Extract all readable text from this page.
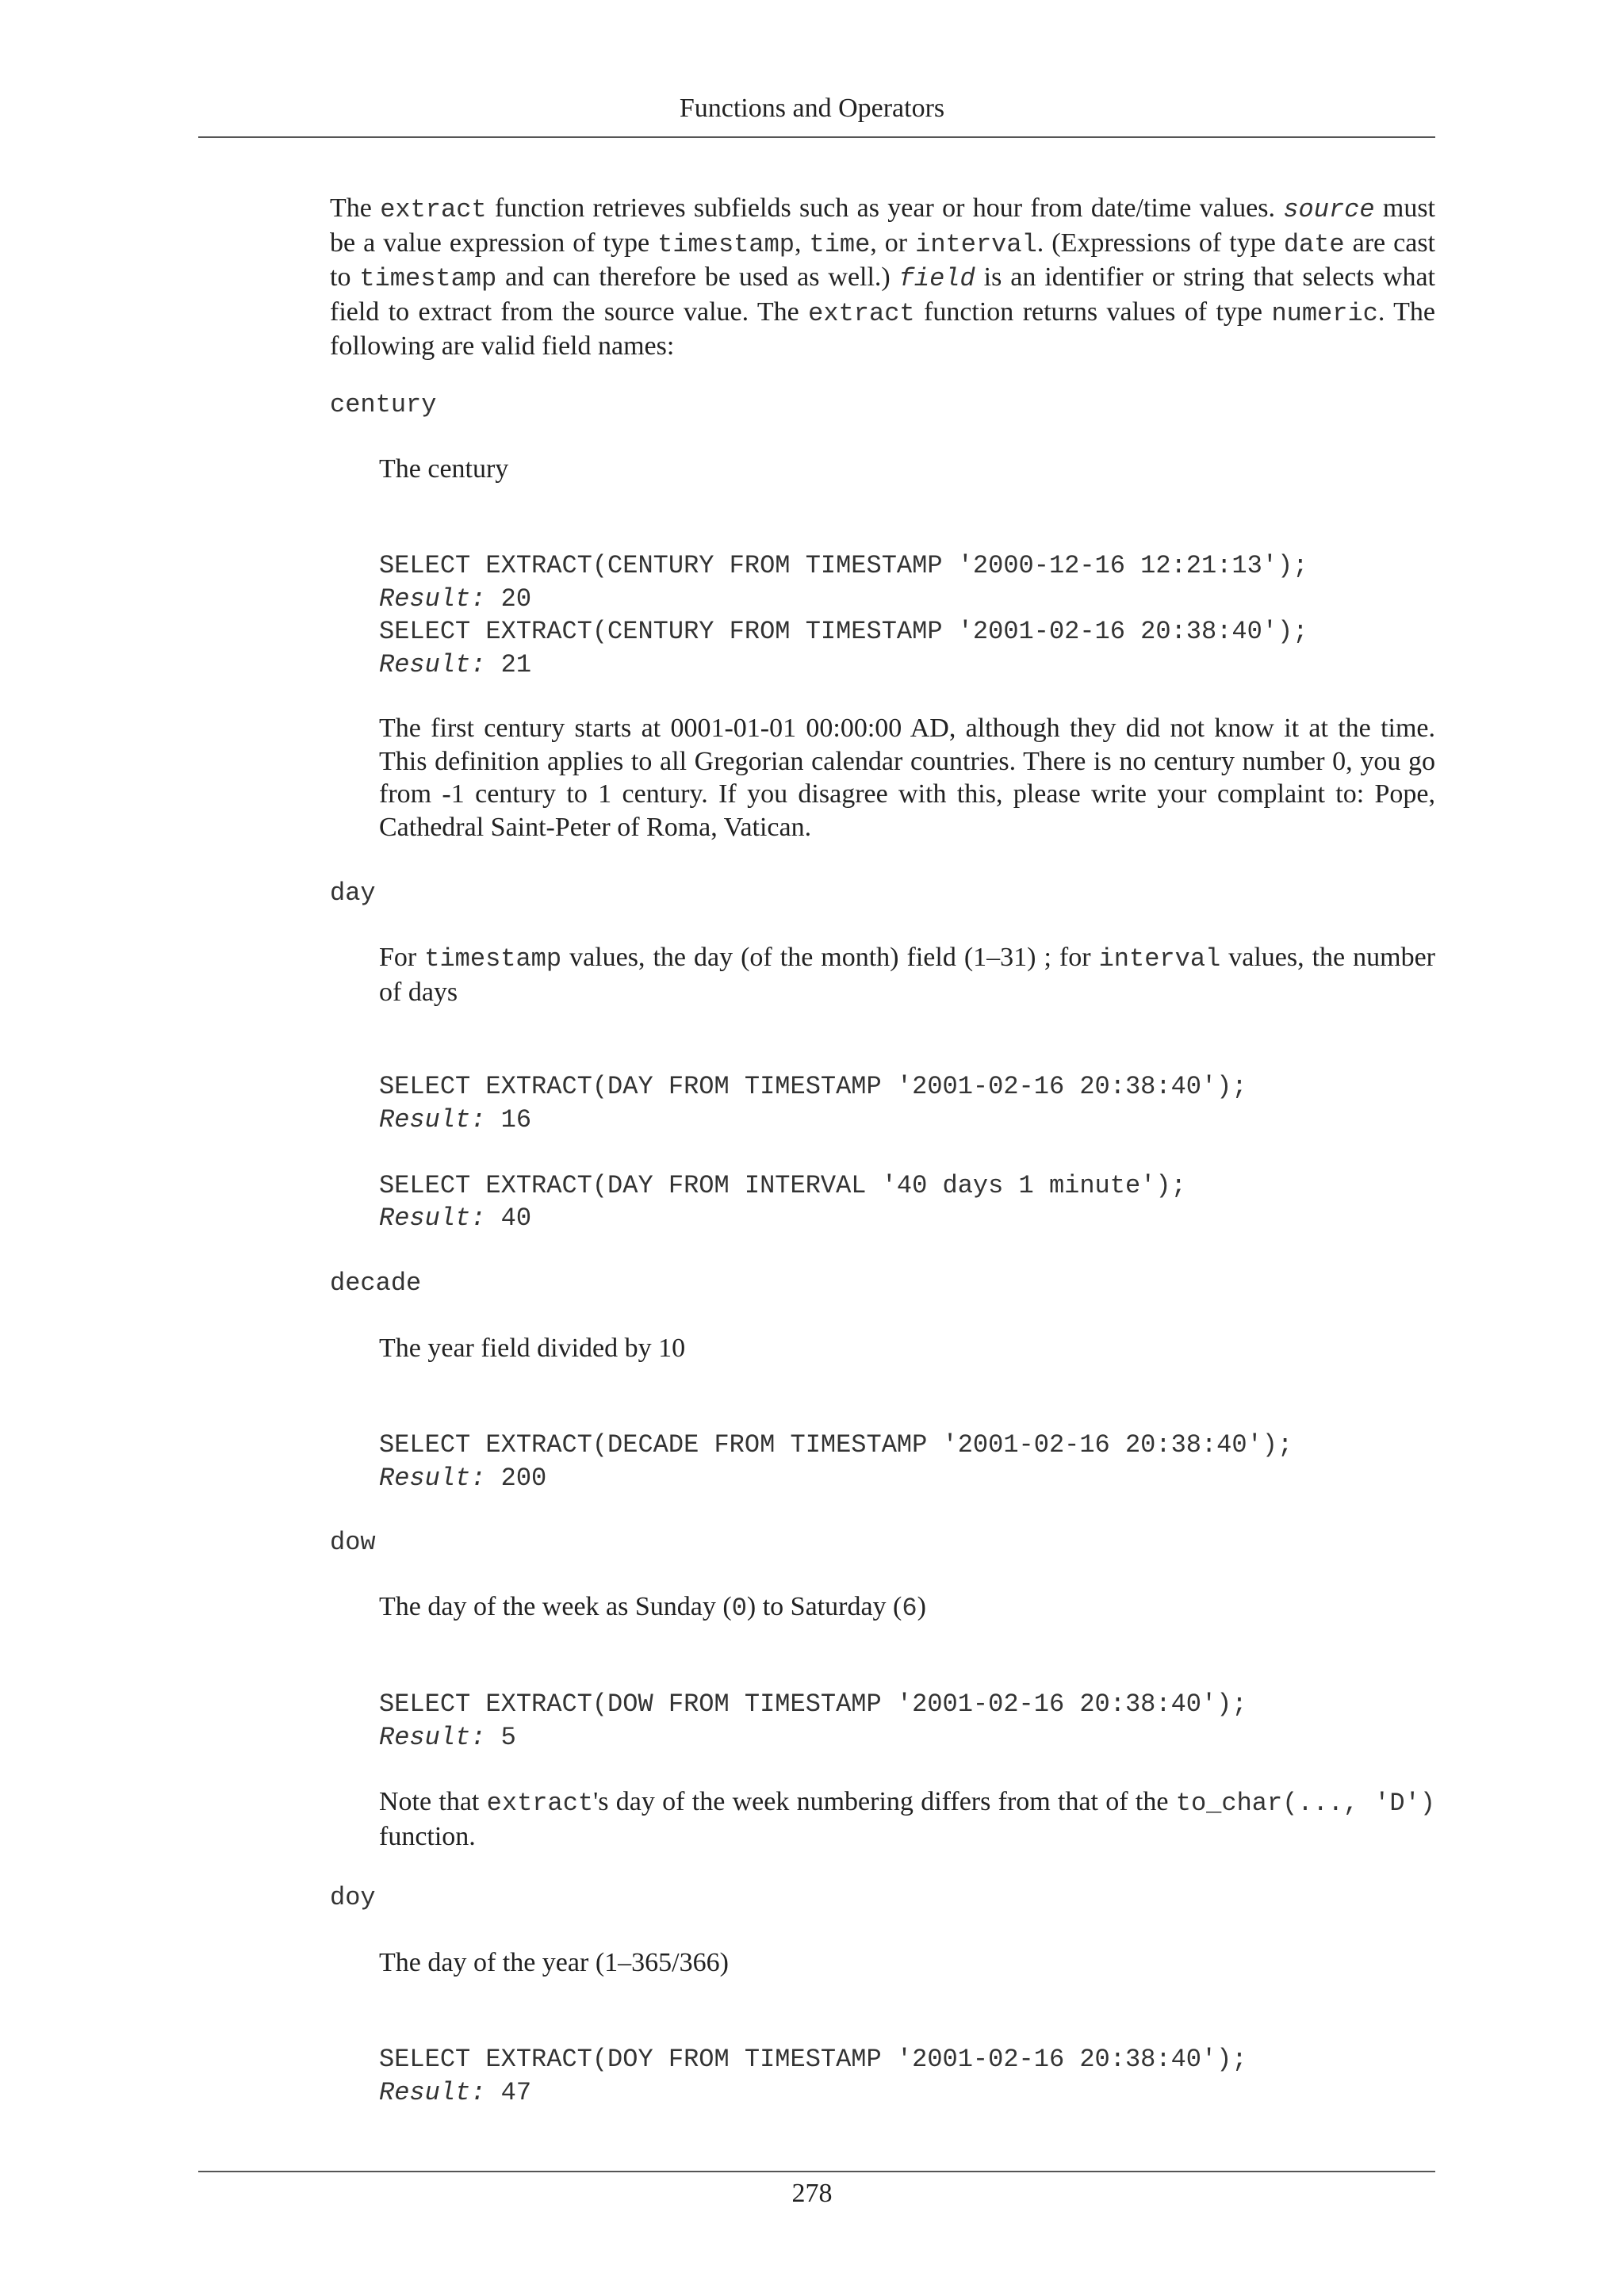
Functions and Operators
The extract function retrieves subfields such as year or hour from date/time values. source must be a value expression of type timestamp, time, or interval. (Expressions of type date are cast to timestamp and can therefore be used as well.) field is an identifier or string that selects what field to extract from the source value. The extract function returns values of type numeric. The following are valid field names:
century
The century
SELECT EXTRACT(CENTURY FROM TIMESTAMP '2000-12-16 12:21:13');
Result: 20
SELECT EXTRACT(CENTURY FROM TIMESTAMP '2001-02-16 20:38:40');
Result: 21
The first century starts at 0001-01-01 00:00:00 AD, although they did not know it at the time. This definition applies to all Gregorian calendar countries. There is no century number 0, you go from -1 century to 1 century. If you disagree with this, please write your complaint to: Pope, Cathedral Saint-Peter of Roma, Vatican.
day
For timestamp values, the day (of the month) field (1–31) ; for interval values, the number of days
SELECT EXTRACT(DAY FROM TIMESTAMP '2001-02-16 20:38:40');
Result: 16
SELECT EXTRACT(DAY FROM INTERVAL '40 days 1 minute');
Result: 40
decade
The year field divided by 10
SELECT EXTRACT(DECADE FROM TIMESTAMP '2001-02-16 20:38:40');
Result: 200
dow
The day of the week as Sunday (0) to Saturday (6)
SELECT EXTRACT(DOW FROM TIMESTAMP '2001-02-16 20:38:40');
Result: 5
Note that extract's day of the week numbering differs from that of the to_char(..., 'D') function.
doy
The day of the year (1–365/366)
SELECT EXTRACT(DOY FROM TIMESTAMP '2001-02-16 20:38:40');
Result: 47
278
